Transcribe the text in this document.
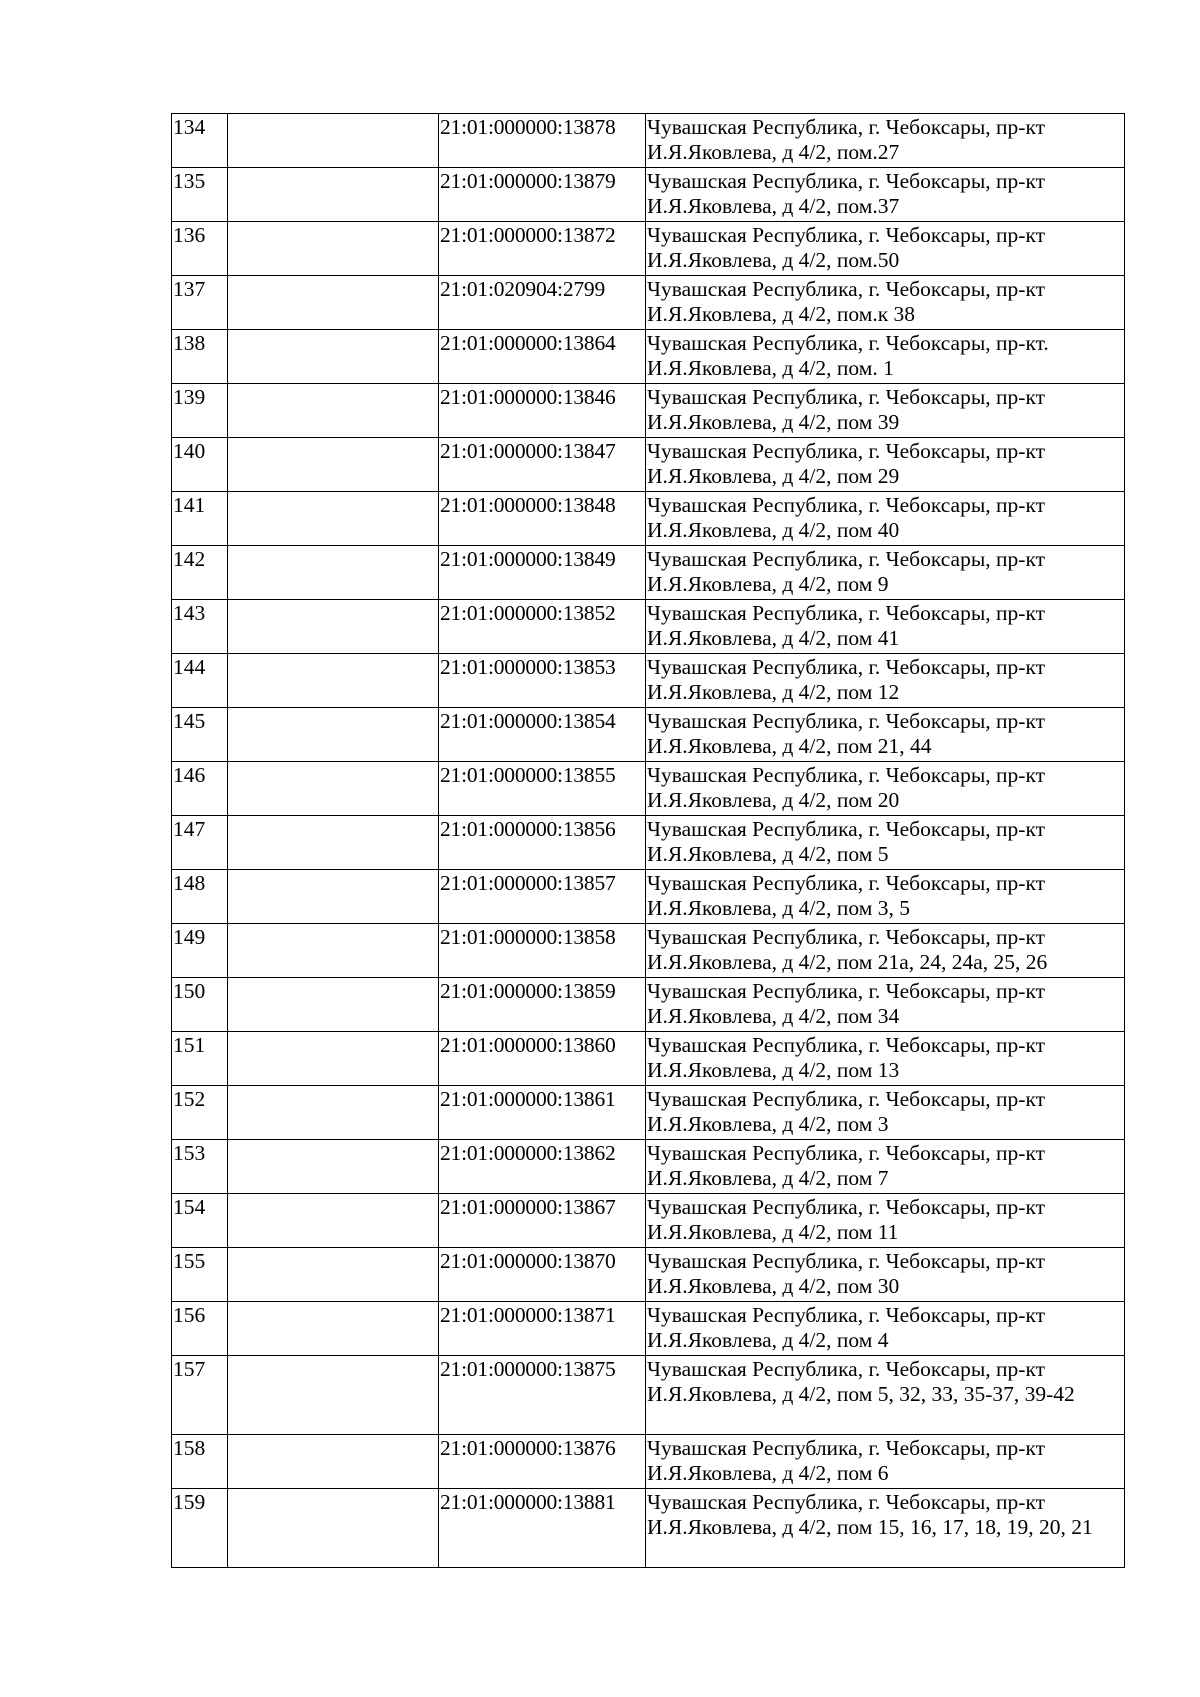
134		21:01:000000:13878	Чувашская Республика, г. Чебоксары, пр-кт И.Я.Яковлева, д 4/2, пом.27
135		21:01:000000:13879	Чувашская Республика, г. Чебоксары, пр-кт И.Я.Яковлева, д 4/2, пом.37
136		21:01:000000:13872	Чувашская Республика, г. Чебоксары, пр-кт И.Я.Яковлева, д 4/2, пом.50
137		21:01:020904:2799	Чувашская Республика, г. Чебоксары, пр-кт И.Я.Яковлева, д 4/2, пом.к 38
138		21:01:000000:13864	Чувашская Республика, г. Чебоксары, пр-кт. И.Я.Яковлева, д 4/2, пом. 1
139		21:01:000000:13846	Чувашская Республика, г. Чебоксары, пр-кт И.Я.Яковлева, д 4/2, пом 39
140		21:01:000000:13847	Чувашская Республика, г. Чебоксары, пр-кт И.Я.Яковлева, д 4/2, пом 29
141		21:01:000000:13848	Чувашская Республика, г. Чебоксары, пр-кт И.Я.Яковлева, д 4/2, пом 40
142		21:01:000000:13849	Чувашская Республика, г. Чебоксары, пр-кт И.Я.Яковлева, д 4/2, пом 9
143		21:01:000000:13852	Чувашская Республика, г. Чебоксары, пр-кт И.Я.Яковлева, д 4/2, пом 41
144		21:01:000000:13853	Чувашская Республика, г. Чебоксары, пр-кт И.Я.Яковлева, д 4/2, пом 12
145		21:01:000000:13854	Чувашская Республика, г. Чебоксары, пр-кт И.Я.Яковлева, д 4/2, пом 21, 44
146		21:01:000000:13855	Чувашская Республика, г. Чебоксары, пр-кт И.Я.Яковлева, д 4/2, пом 20
147		21:01:000000:13856	Чувашская Республика, г. Чебоксары, пр-кт И.Я.Яковлева, д 4/2, пом 5
148		21:01:000000:13857	Чувашская Республика, г. Чебоксары, пр-кт И.Я.Яковлева, д 4/2, пом 3, 5
149		21:01:000000:13858	Чувашская Республика, г. Чебоксары, пр-кт И.Я.Яковлева, д 4/2, пом 21а, 24, 24а, 25, 26
150		21:01:000000:13859	Чувашская Республика, г. Чебоксары, пр-кт И.Я.Яковлева, д 4/2, пом 34
151		21:01:000000:13860	Чувашская Республика, г. Чебоксары, пр-кт И.Я.Яковлева, д 4/2, пом 13
152		21:01:000000:13861	Чувашская Республика, г. Чебоксары, пр-кт И.Я.Яковлева, д 4/2, пом 3
153		21:01:000000:13862	Чувашская Республика, г. Чебоксары, пр-кт И.Я.Яковлева, д 4/2, пом 7
154		21:01:000000:13867	Чувашская Республика, г. Чебоксары, пр-кт И.Я.Яковлева, д 4/2, пом 11
155		21:01:000000:13870	Чувашская Республика, г. Чебоксары, пр-кт И.Я.Яковлева, д 4/2, пом 30
156		21:01:000000:13871	Чувашская Республика, г. Чебоксары, пр-кт И.Я.Яковлева, д 4/2, пом 4
157		21:01:000000:13875	Чувашская Республика, г. Чебоксары, пр-кт И.Я.Яковлева, д 4/2, пом 5, 32, 33, 35-37, 39-42
158		21:01:000000:13876	Чувашская Республика, г. Чебоксары, пр-кт И.Я.Яковлева, д 4/2, пом 6
159		21:01:000000:13881	Чувашская Республика, г. Чебоксары, пр-кт И.Я.Яковлева, д 4/2, пом 15, 16, 17, 18, 19, 20, 21
